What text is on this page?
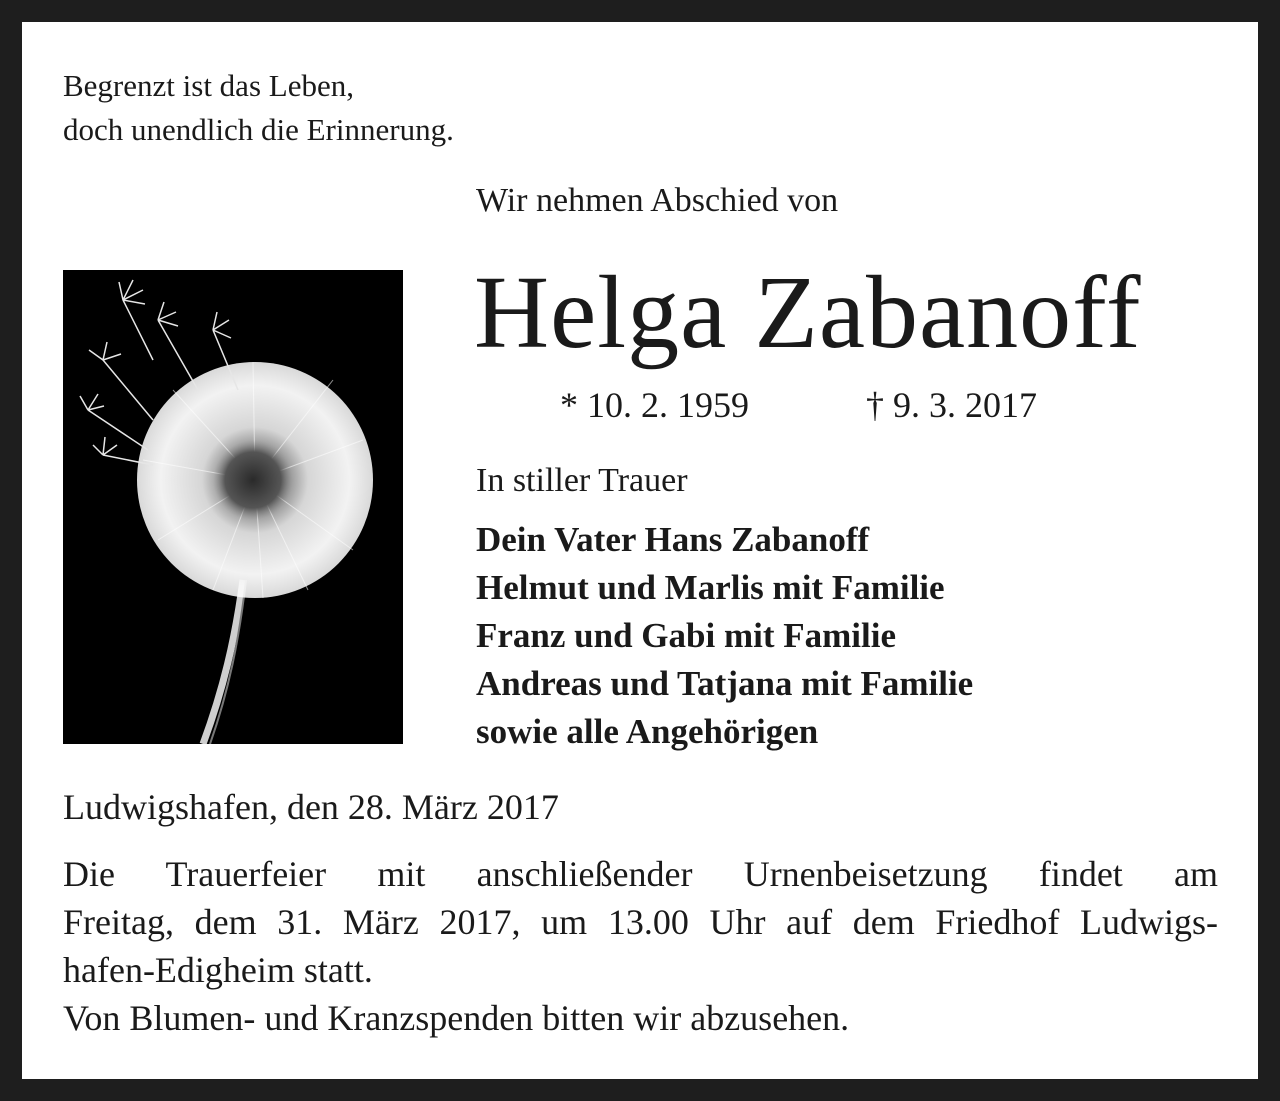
Begrenzt ist das Leben,
doch unendlich die Erinnerung.
Wir nehmen Abschied von
Helga Zabanoff
* 10. 2. 1959	† 9. 3. 2017
In stiller Trauer
Dein Vater Hans Zabanoff
Helmut und Marlis mit Familie
Franz und Gabi mit Familie
Andreas und Tatjana mit Familie
sowie alle Angehörigen
Ludwigshafen, den 28. März 2017
Die Trauerfeier mit anschließender Urnenbeisetzung findet am
Freitag, dem 31. März 2017, um 13.00 Uhr auf dem Friedhof Ludwigs-
hafen-Edigheim statt.
Von Blumen- und Kranzspenden bitten wir abzusehen.
